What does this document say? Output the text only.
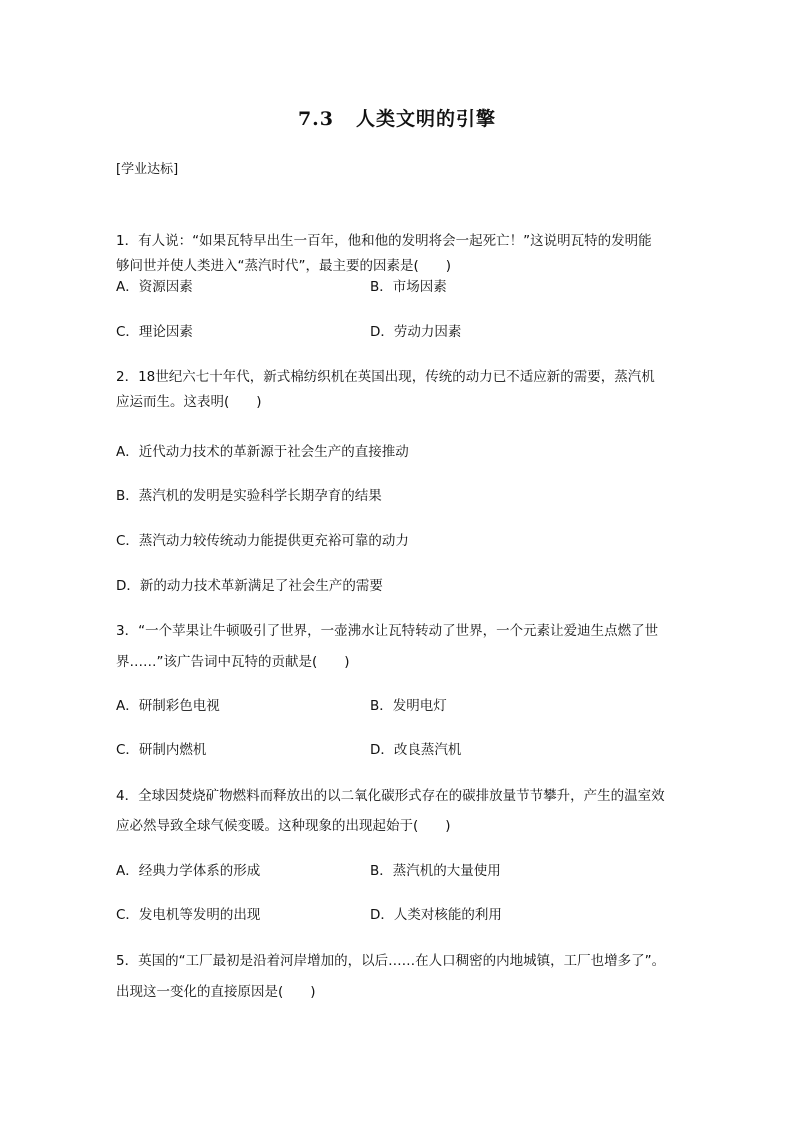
7.3 人类文明的引擎
[学业达标]
1．有人说：“如果瓦特早出生一百年，他和他的发明将会一起死亡！”这说明瓦特的发明能
够问世并使人类进入“蒸汽时代”，最主要的因素是(　　)
A．资源因素	B．市场因素
C．理论因素	D．劳动力因素
2．18世纪六七十年代，新式棉纺织机在英国出现，传统的动力已不适应新的需要，蒸汽机
应运而生。这表明(　　)
A．近代动力技术的革新源于社会生产的直接推动
B．蒸汽机的发明是实验科学长期孕育的结果
C．蒸汽动力较传统动力能提供更充裕可靠的动力
D．新的动力技术革新满足了社会生产的需要
3．“一个苹果让牛顿吸引了世界，一壶沸水让瓦特转动了世界，一个元素让爱迪生点燃了世
界……”该广告词中瓦特的贡献是(　　)
A．研制彩色电视	B．发明电灯
C．研制内燃机	D．改良蒸汽机
4．全球因焚烧矿物燃料而释放出的以二氧化碳形式存在的碳排放量节节攀升，产生的温室效
应必然导致全球气候变暖。这种现象的出现起始于(　　)
A．经典力学体系的形成	B．蒸汽机的大量使用
C．发电机等发明的出现	D．人类对核能的利用
5．英国的“工厂最初是沿着河岸增加的，以后……在人口稠密的内地城镇，工厂也增多了”。
出现这一变化的直接原因是(　　)
